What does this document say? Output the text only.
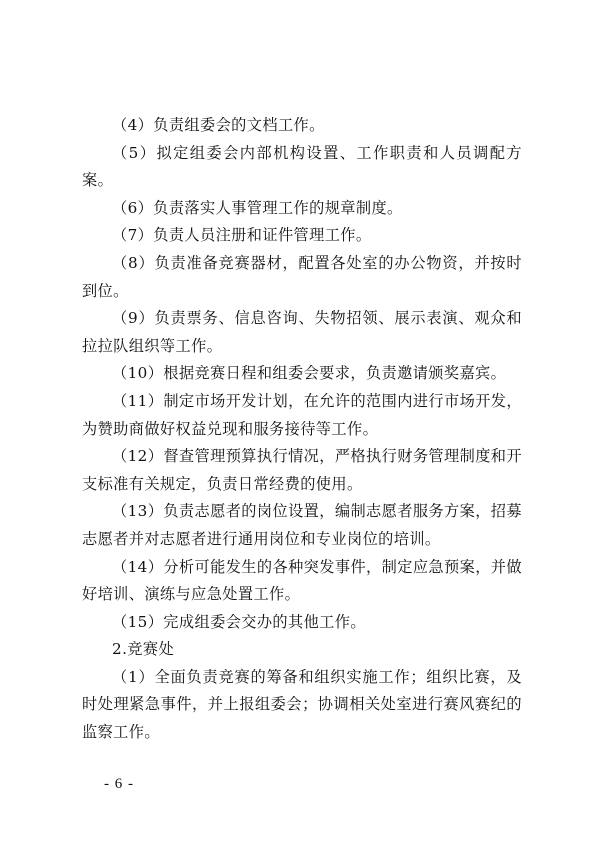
（4）负责组委会的文档工作。

（5）拟定组委会内部机构设置、工作职责和人员调配方案。

（6）负责落实人事管理工作的规章制度。

（7）负责人员注册和证件管理工作。

（8）负责准备竞赛器材，配置各处室的办公物资，并按时到位。

（9）负责票务、信息咨询、失物招领、展示表演、观众和拉拉队组织等工作。

（10）根据竞赛日程和组委会要求，负责邀请颁奖嘉宾。

（11）制定市场开发计划，在允许的范围内进行市场开发，为赞助商做好权益兑现和服务接待等工作。

（12）督查管理预算执行情况，严格执行财务管理制度和开支标准有关规定，负责日常经费的使用。

（13）负责志愿者的岗位设置，编制志愿者服务方案，招募志愿者并对志愿者进行通用岗位和专业岗位的培训。

（14）分析可能发生的各种突发事件，制定应急预案，并做好培训、演练与应急处置工作。

（15）完成组委会交办的其他工作。

2.竞赛处

（1）全面负责竞赛的筹备和组织实施工作；组织比赛，及时处理紧急事件，并上报组委会；协调相关处室进行赛风赛纪的监察工作。

- 6 -
